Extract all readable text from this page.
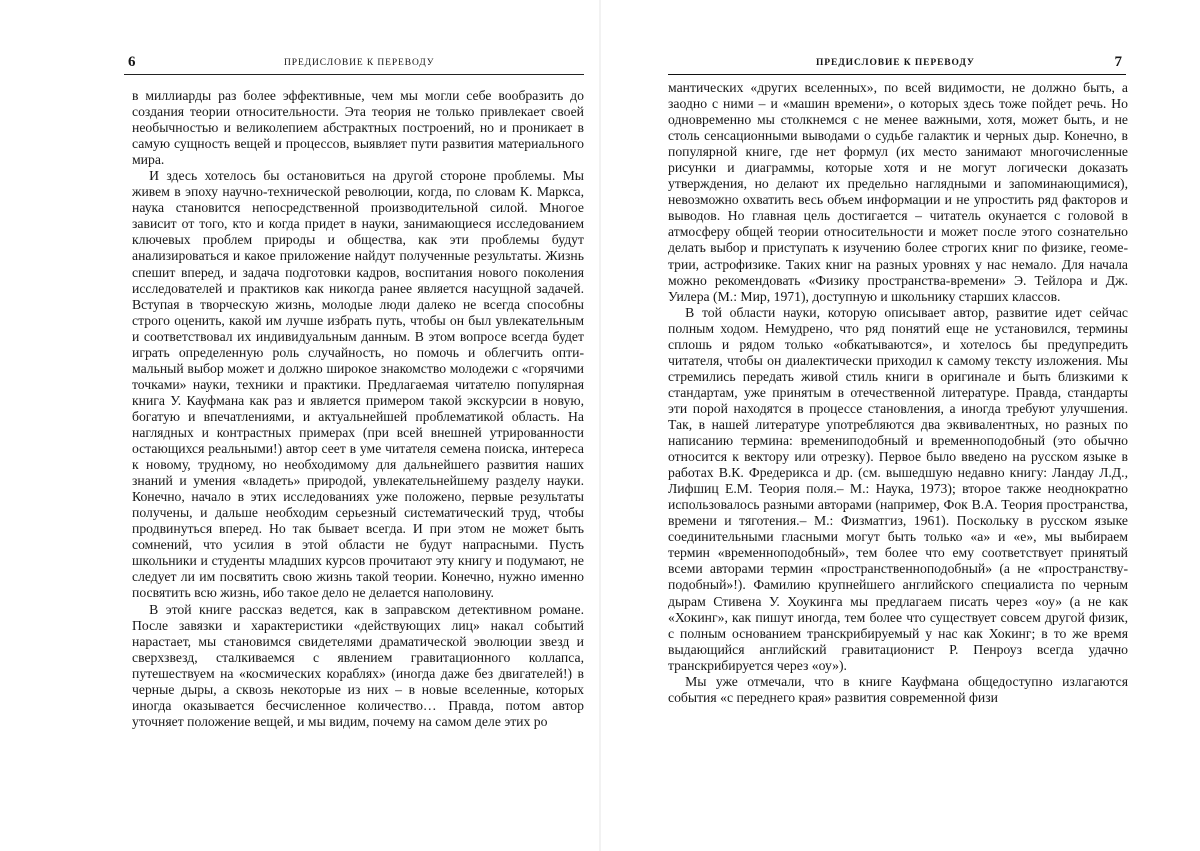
6	ПРЕДИСЛОВИЕ К ПЕРЕВОДУ

в миллиарды раз более эффективные, чем мы могли себе вообразить до создания теории относительности. Эта теория не только привлекает своей необычностью и великолепием абстрактных построений, но и проникает в самую сущность вещей и процессов, выявляет пути развития материального мира.

И здесь хотелось бы остановиться на другой стороне проблемы. Мы живем в эпоху научно-технической революции, когда, по словам К. Маркса, наука становится непосредственной производительной силой. Многое зависит от того, кто и когда придет в науки, занимающиеся исследованием ключевых проблем природы и общества, как эти проблемы будут анализироваться и какое приложение найдут полученные результаты. Жизнь спешит вперед, и задача подготовки кадров, воспитания нового поколения исследователей и практиков как никогда ранее является насущной задачей. Вступая в творческую жизнь, молодые люди далеко не всегда способны строго оценить, какой им лучше избрать путь, чтобы он был увлекательным и соответствовал их индивидуальным данным. В этом вопросе всегда будет играть определенную роль случайность, но помочь и облегчить оптимальный выбор может и должно широкое знакомство молодежи с «горячими точками» науки, техники и практики. Предлагаемая читателю популярная книга У. Кауфмана как раз и является примером такой экскурсии в новую, богатую и впечатлениями, и актуальнейшей проблематикой область. На наглядных и контрастных примерах (при всей внешней утрированности остающихся реальными!) автор сеет в уме читателя семена поиска, интереса к новому, трудному, но необходимому для дальнейшего развития наших знаний и умения «владеть» природой, увлекательнейшему разделу науки. Конечно, начало в этих исследованиях уже положено, первые результаты получены, и дальше необходим серьезный систематический труд, чтобы продвинуться вперед. Но так бывает всегда. И при этом не может быть сомнений, что усилия в этой области не будут напрасными. Пусть школьники и студенты младших курсов прочитают эту книгу и подумают, не следует ли им посвятить свою жизнь такой теории. Конечно, нужно именно посвятить всю жизнь, ибо такое дело не делается наполовину.

В этой книге рассказ ведется, как в заправском детективном романе. После завязки и характеристики «действующих лиц» накал событий нарастает, мы становимся свидетелями драматической эволюции звезд и сверхзвезд, сталкиваемся с явлением гравитационного коллапса, путешествуем на «космических кораблях» (иногда даже без двигателей!) в черные дыры, а сквозь некоторые из них – в новые вселенные, которых иногда оказывается бесчисленное количество… Правда, потом автор уточняет положение вещей, и мы видим, почему на самом деле этих ро

ПРЕДИСЛОВИЕ К ПЕРЕВОДУ	7

мантических «других вселенных», по всей видимости, не должно быть, а заодно с ними – и «машин времени», о которых здесь тоже пойдет речь. Но одновременно мы столкнемся с не менее важными, хотя, может быть, и не столь сенсационными выводами о судьбе галактик и черных дыр. Конечно, в популярной книге, где нет формул (их место занимают многочисленные рисунки и диаграммы, которые хотя и не могут логически доказать утверждения, но делают их предельно наглядными и запоминающимися), невозможно охватить весь объем информации и не упростить ряд факторов и выводов. Но главная цель достигается – читатель окунается с головой в атмосферу общей теории относительности и может после этого сознательно делать выбор и приступать к изучению более строгих книг по физике, геометрии, астрофизике. Таких книг на разных уровнях у нас немало. Для начала можно рекомендовать «Физику пространства-времени» Э. Тейлора и Дж. Уилера (М.: Мир, 1971), доступную и школьнику старших классов.

В той области науки, которую описывает автор, развитие идет сейчас полным ходом. Немудрено, что ряд понятий еще не установился, термины сплошь и рядом только «обкатываются», и хотелось бы предупредить читателя, чтобы он диалектически приходил к самому тексту изложения. Мы стремились передать живой стиль книги в оригинале и быть близкими к стандартам, уже принятым в отечественной литературе. Правда, стандарты эти порой находятся в процессе становления, а иногда требуют улучшения. Так, в нашей литературе употребляются два эквивалентных, но разных по написанию термина: времениподобный и временноподобный (это обычно относится к вектору или отрезку). Первое было введено на русском языке в работах В.К. Фредерикса и др. (см. вышедшую недавно книгу: Ландау Л.Д., Лифшиц Е.М. Теория поля.– М.: Наука, 1973); второе также неоднократно использовалось разными авторами (например, Фок В.А. Теория пространства, времени и тяготения.– М.: Физматгиз, 1961). Поскольку в русском языке соединительными гласными могут быть только «а» и «е», мы выбираем термин «временноподобный», тем более что ему соответствует принятый всеми авторами термин «пространственноподобный» (а не «пространствуподобный»!). Фамилию крупнейшего английского специалиста по черным дырам Стивена У. Хоукинга мы предлагаем писать через «оу» (а не как «Хокинг», как пишут иногда, тем более что существует совсем другой физик, с полным основанием транскрибируемый у нас как Хокинг; в то же время выдающийся английский гравитационист Р. Пенроуз всегда удачно транскрибируется через «оу»).

Мы уже отмечали, что в книге Кауфмана общедоступно излагаются события «с переднего края» развития современной физи
